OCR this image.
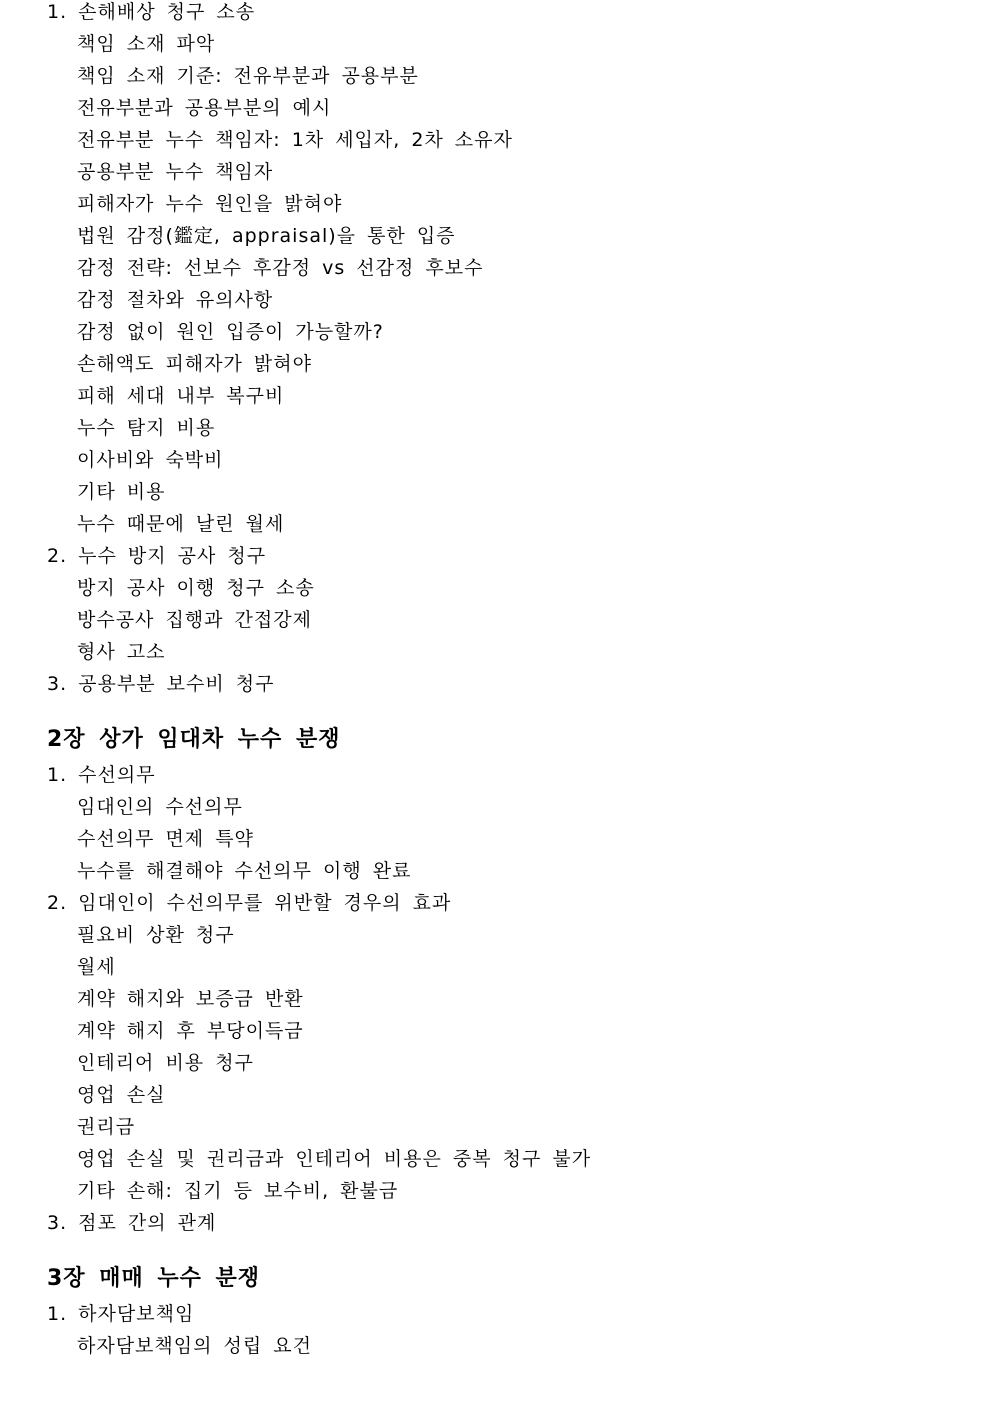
1. 손해배상 청구 소송
책임 소재 파악
책임 소재 기준: 전유부분과 공용부분
전유부분과 공용부분의 예시
전유부분 누수 책임자: 1차 세입자, 2차 소유자
공용부분 누수 책임자
피해자가 누수 원인을 밝혀야
법원 감정(鑑定, appraisal)을 통한 입증
감정 전략: 선보수 후감정 vs 선감정 후보수
감정 절차와 유의사항
감정 없이 원인 입증이 가능할까?
손해액도 피해자가 밝혀야
피해 세대 내부 복구비
누수 탐지 비용
이사비와 숙박비
기타 비용
누수 때문에 날린 월세
2. 누수 방지 공사 청구
방지 공사 이행 청구 소송
방수공사 집행과 간접강제
형사 고소
3. 공용부분 보수비 청구
2장 상가 임대차 누수 분쟁
1. 수선의무
임대인의 수선의무
수선의무 면제 특약
누수를 해결해야 수선의무 이행 완료
2. 임대인이 수선의무를 위반할 경우의 효과
필요비 상환 청구
월세
계약 해지와 보증금 반환
계약 해지 후 부당이득금
인테리어 비용 청구
영업 손실
권리금
영업 손실 및 권리금과 인테리어 비용은 중복 청구 불가
기타 손해: 집기 등 보수비, 환불금
3. 점포 간의 관계
3장 매매 누수 분쟁
1. 하자담보책임
하자담보책임의 성립 요건
